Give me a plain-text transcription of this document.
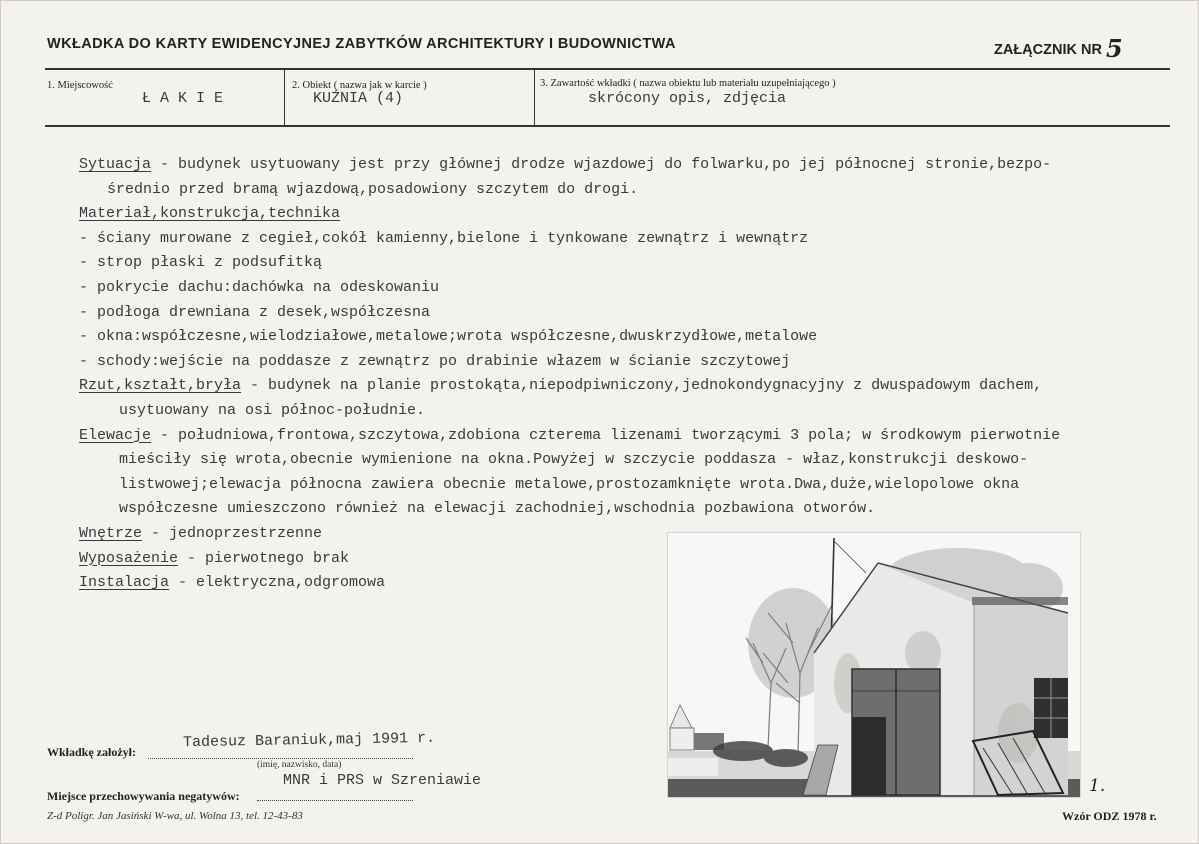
WKŁADKA DO KARTY EWIDENCYJNEJ ZABYTKÓW ARCHITEKTURY I BUDOWNICTWA	ZAŁĄCZNIK NR 5
1. Miejscowość
Ł A K I E
2. Obiekt ( nazwa jak w karcie )
KUŹNIA (4)
3. Zawartość wkładki ( nazwa obiektu lub materiału uzupełniającego )
skrócony opis, zdjęcia
Sytuacja - budynek usytuowany jest przy głównej drodze wjazdowej do folwarku,po jej północnej stronie,bezpo-
średnio przed bramą wjazdową,posadowiony szczytem do drogi.
Materiał,konstrukcja,technika
- ściany murowane z cegieł,cokół kamienny,bielone i tynkowane zewnątrz i wewnątrz
- strop płaski z podsufitką
- pokrycie dachu:dachówka na odeskowaniu
- podłoga drewniana z desek,współczesna
- okna:współczesne,wielodziałowe,metalowe;wrota współczesne,dwuskrzydłowe,metalowe
- schody:wejście na poddasze z zewnątrz po drabinie włazem w ścianie szczytowej
Rzut,kształt,bryła - budynek na planie prostokąta,niepodpiwniczony,jednokondygnacyjny z dwuspadowym dachem,
usytuowany na osi północ-południe.
Elewacje - południowa,frontowa,szczytowa,zdobiona czterema lizenami tworzącymi 3 pola; w środkowym pierwotnie
mieściły się wrota,obecnie wymienione na okna.Powyżej w szczycie poddasza - właz,konstrukcji deskowo-
listwowej;elewacja północna zawiera obecnie metalowe,prostozamknięte wrota.Dwa,duże,wielopolowe okna
współczesne umieszczono również na elewacji zachodniej,wschodnia pozbawiona otworów.
Wnętrze - jednoprzestrzenne
Wyposażenie - pierwotnego brak
Instalacja - elektryczna,odgromowa
1.
Wkładkę założył:
Tadesuz Baraniuk,maj 1991 r.
(imię, nazwisko, data)
MNR i PRS w Szreniawie
Miejsce przechowywania negatywów:
Z-d Poligr. Jan Jasiński W-wa, ul. Wolna 13, tel. 12-43-83	Wzór ODZ 1978 r.
